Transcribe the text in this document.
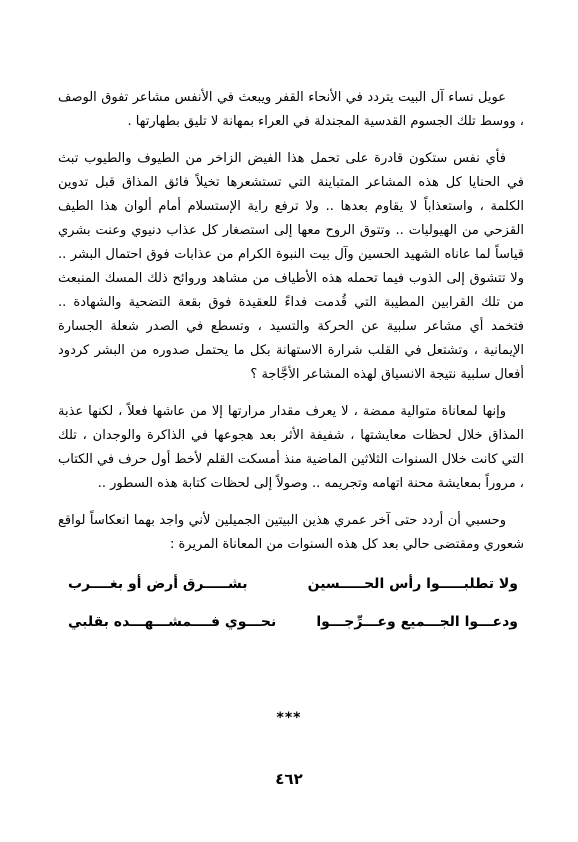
عويل نساء آل البيت يتردد في الأنحاء القفر ويبعث في الأنفس مشاعر تفوق الوصف ، ووسط تلك الجسوم القدسية المجندلة في العراء بمهانة لا تليق بطهارتها .

فأي نفس ستكون قادرة على تحمل هذا الفيض الزاخر من الطيوف والطيوب تبث في الحنايا كل هذه المشاعر المتباينة التي تستشعرها تخيلاً فائق المذاق قبل تدوين الكلمة ، واستعذاباً لا يقاوم بعدها .. ولا ترفع راية الإستسلام أمام ألوان هذا الطيف القزحي من الهيوليات .. وتتوق الروح معها إلى استصغار كل عذاب دنيوي وعنت بشري قياساً لما عاناه الشهيد الحسين وآل بيت النبوة الكرام من عذابات فوق احتمال البشر .. ولا تتشوق إلى الذوب فيما تحمله هذه الأطياف من مشاهد وروائح ذلك المسك المنبعث من تلك القرابين المطيبة التي قُدمت فداءً للعقيدة فوق بقعة التضحية والشهادة .. فتخمد أي مشاعر سلبية عن الحركة والتسيد ، وتسطع في الصدر شعلة الجسارة الإيمانية ، وتشتعل في القلب شرارة الاستهانة بكل ما يحتمل صدوره من البشر كردود أفعال سلبية نتيجة الانسياق لهذه المشاعر الأجَّاجة ؟

وإنها لمعاناة متوالية ممضة ، لا يعرف مقدار مرارتها إلا من عاشها فعلاً ، لكنها عذبة المذاق خلال لحظات معايشتها ، شفيفة الأثر بعد هجوعها في الذاكرة والوجدان ، تلك التي كانت خلال السنوات الثلاثين الماضية منذ أمسكت القلم لأخط أول حرف في الكتاب ، مروراً بمعايشة محنة اتهامه وتجريمه .. وصولاً إلى لحظات كتابة هذه السطور ..

وحسبي أن أردد حتى آخر عمري هذين البيتين الجميلين لأني واجد بهما انعكاساً لواقع شعوري ومقتضى حالي بعد كل هذه السنوات من المعاناة المريرة :

ولا تطلبـــــوا رأس الحـــــسين
بشـــــرق أرض أو بغــــرب
ودعـــوا الجـــميع وعـــرِّجـــوا
نحـــوي فــــمشـــهـــده بقلبي
***
٤٦٢
